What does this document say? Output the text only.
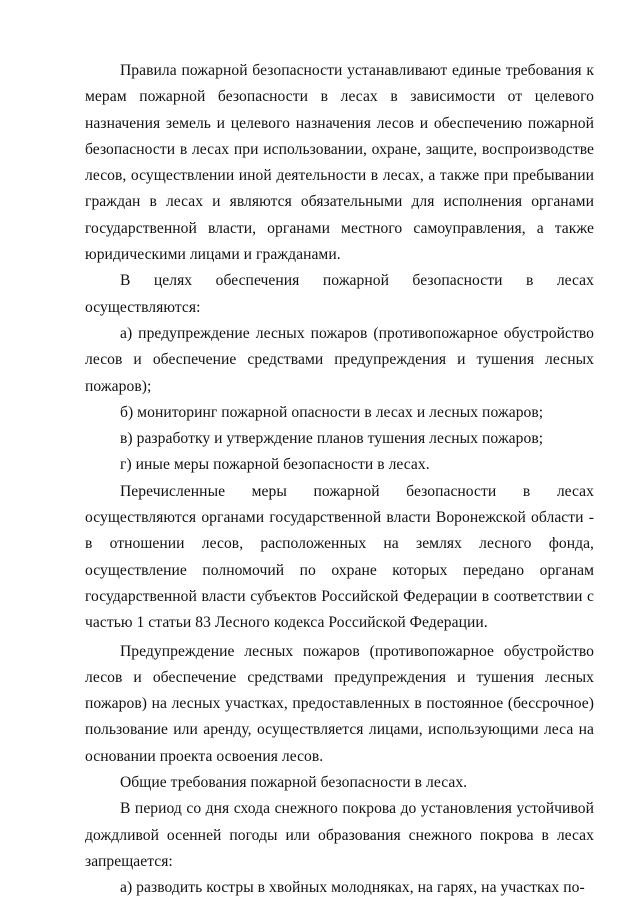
Правила пожарной безопасности устанавливают единые требования к мерам пожарной безопасности в лесах в зависимости от целевого назначения земель и целевого назначения лесов и обеспечению пожарной безопасности в лесах при использовании, охране, защите, воспроизводстве лесов, осуществлении иной деятельности в лесах, а также при пребывании граждан в лесах и являются обязательными для исполнения органами государственной власти, органами местного самоуправления, а также юридическими лицами и гражданами.

В целях обеспечения пожарной безопасности в лесах осуществляются:

а) предупреждение лесных пожаров (противопожарное обустройство лесов и обеспечение средствами предупреждения и тушения лесных пожаров);

б) мониторинг пожарной опасности в лесах и лесных пожаров;

в) разработку и утверждение планов тушения лесных пожаров;

г) иные меры пожарной безопасности в лесах.

Перечисленные меры пожарной безопасности в лесах осуществляются органами государственной власти Воронежской области - в отношении лесов, расположенных на землях лесного фонда, осуществление полномочий по охране которых передано органам государственной власти субъектов Российской Федерации в соответствии с частью 1 статьи 83 Лесного кодекса Российской Федерации.

Предупреждение лесных пожаров (противопожарное обустройство лесов и обеспечение средствами предупреждения и тушения лесных пожаров) на лесных участках, предоставленных в постоянное (бессрочное) пользование или аренду, осуществляется лицами, использующими леса на основании проекта освоения лесов.

Общие требования пожарной безопасности в лесах.

В период со дня схода снежного покрова до установления устойчивой дождливой осенней погоды или образования снежного покрова в лесах запрещается:

а) разводить костры в хвойных молодняках, на гарях, на участках по-
